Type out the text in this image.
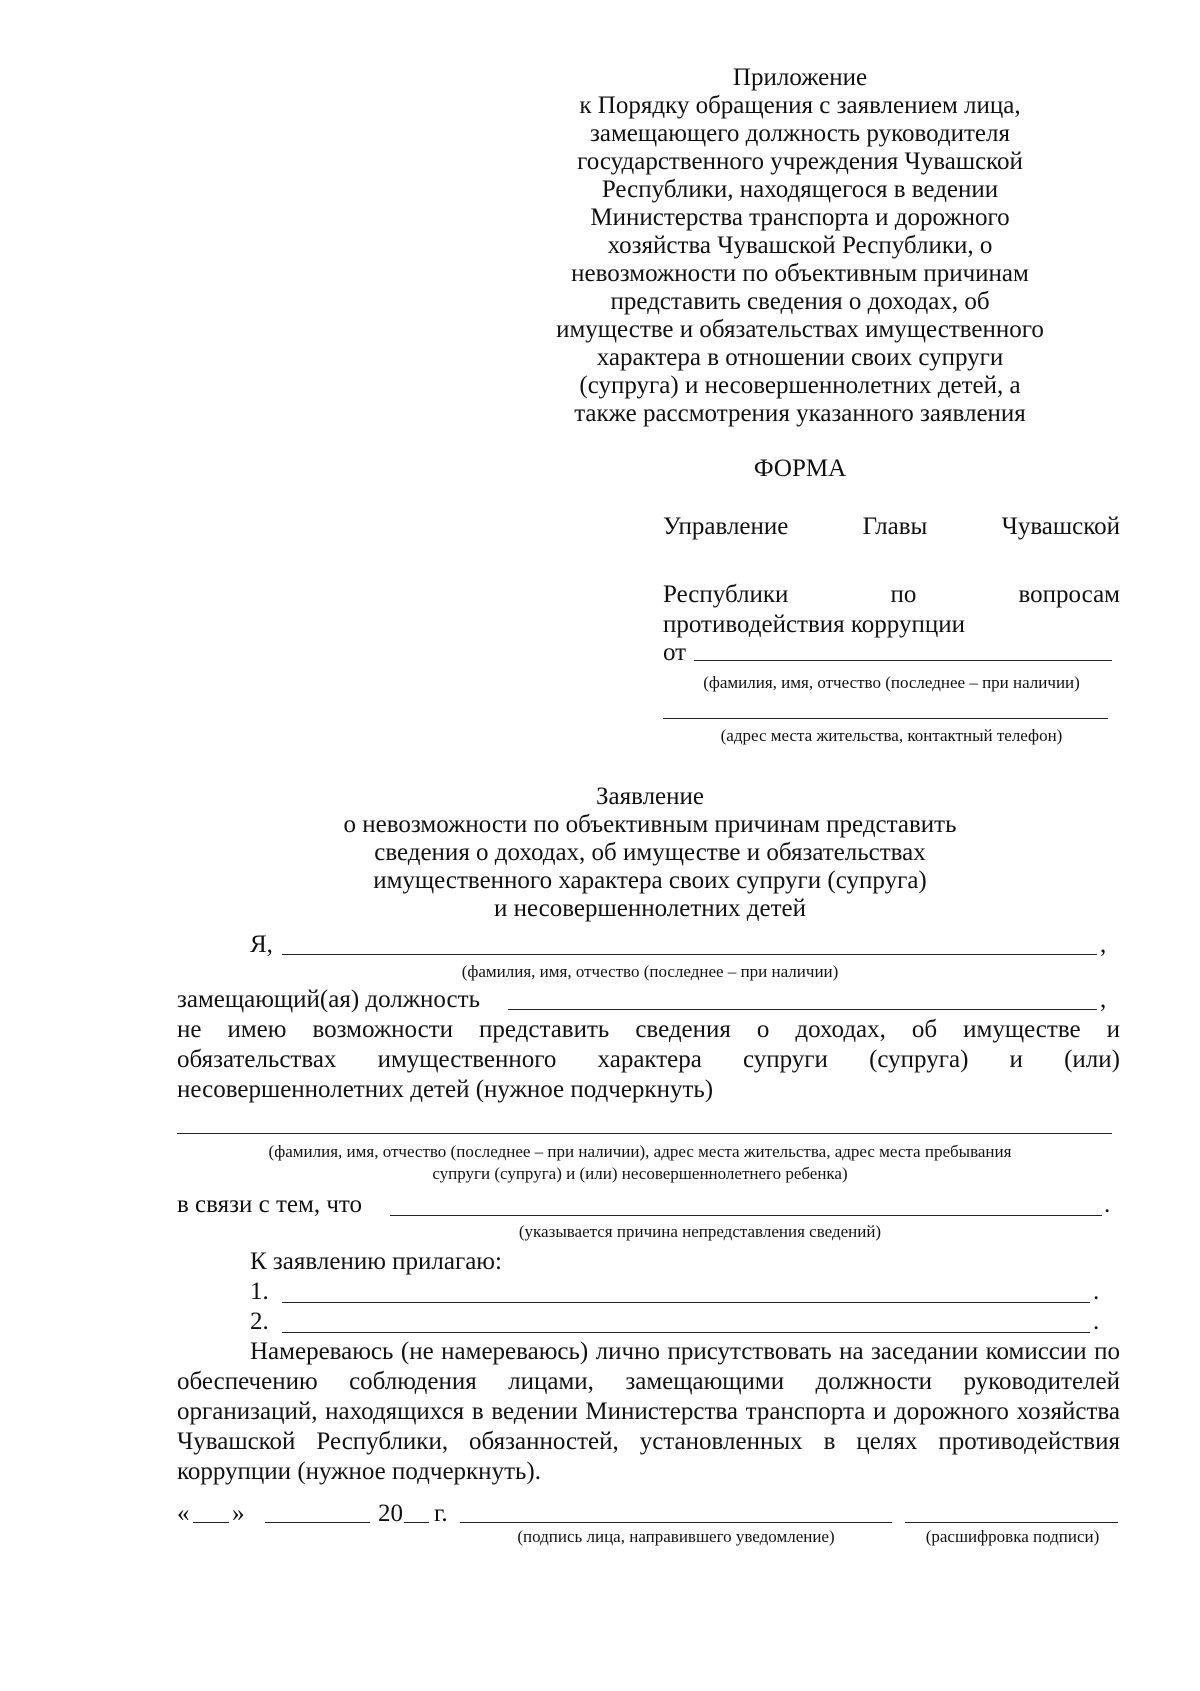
Приложение
к Порядку обращения с заявлением лица,
замещающего должность руководителя
государственного учреждения Чувашской
Республики, находящегося в ведении
Министерства транспорта и дорожного
хозяйства Чувашской Республики, о
невозможности по объективным причинам
представить сведения о доходах, об
имуществе и обязательствах имущественного
характера в отношении своих супруги
(супруга) и несовершеннолетних детей, а
также рассмотрения указанного заявления
ФОРМА
Управление	Главы	Чувашской
Республики	по	вопросам
противодействия коррупции
от
(фамилия, имя, отчество (последнее – при наличии)
(адрес места жительства, контактный телефон)
Заявление
о невозможности по объективным причинам представить
сведения о доходах, об имуществе и обязательствах
имущественного характера своих супруги (супруга)
и несовершеннолетних детей
Я,	,
(фамилия, имя, отчество (последнее – при наличии)
замещающий(ая) должность	,
не имею возможности представить сведения о доходах, об имуществе и
обязательствах имущественного характера супруги (супруга) и (или)
несовершеннолетних детей (нужное подчеркнуть)
(фамилия, имя, отчество (последнее – при наличии), адрес места жительства, адрес места пребывания
супруги (супруга) и (или) несовершеннолетнего ребенка)
в связи с тем, что	.
(указывается причина непредставления сведений)
К заявлению прилагаю:
1.	.
2.	.
Намереваюсь (не намереваюсь) лично присутствовать на заседании комиссии по обеспечению соблюдения лицами, замещающими должности руководителей организаций, находящихся в ведении Министерства транспорта и дорожного хозяйства Чувашской Республики, обязанностей, установленных в целях противодействия коррупции (нужное подчеркнуть).
« »	20 г.
(подпись лица, направившего уведомление)	(расшифровка подписи)
